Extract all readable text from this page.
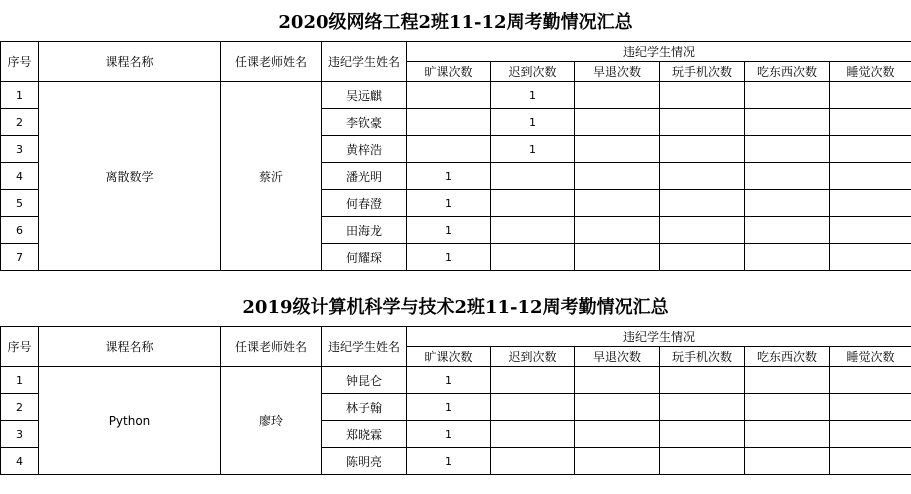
2020级网络工程2班11-12周考勤情况汇总
序号	课程名称	任课老师姓名	违纪学生姓名	违纪学生情况					
				旷课次数	迟到次数	早退次数	玩手机次数	吃东西次数	睡觉次数
1	离散数学	蔡沂	吴远麒		1				
2			李钦豪		1				
3			黄梓浩		1				
4			潘光明	1					
5			何春澄	1					
6			田海龙	1					
7			何耀琛	1					
2019级计算机科学与技术2班11-12周考勤情况汇总
序号	课程名称	任课老师姓名	违纪学生姓名	违纪学生情况					
				旷课次数	迟到次数	早退次数	玩手机次数	吃东西次数	睡觉次数
1	Python	廖玲	钟昆仑	1					
2			林子翰	1					
3			郑晓霖	1					
4			陈明亮	1					
